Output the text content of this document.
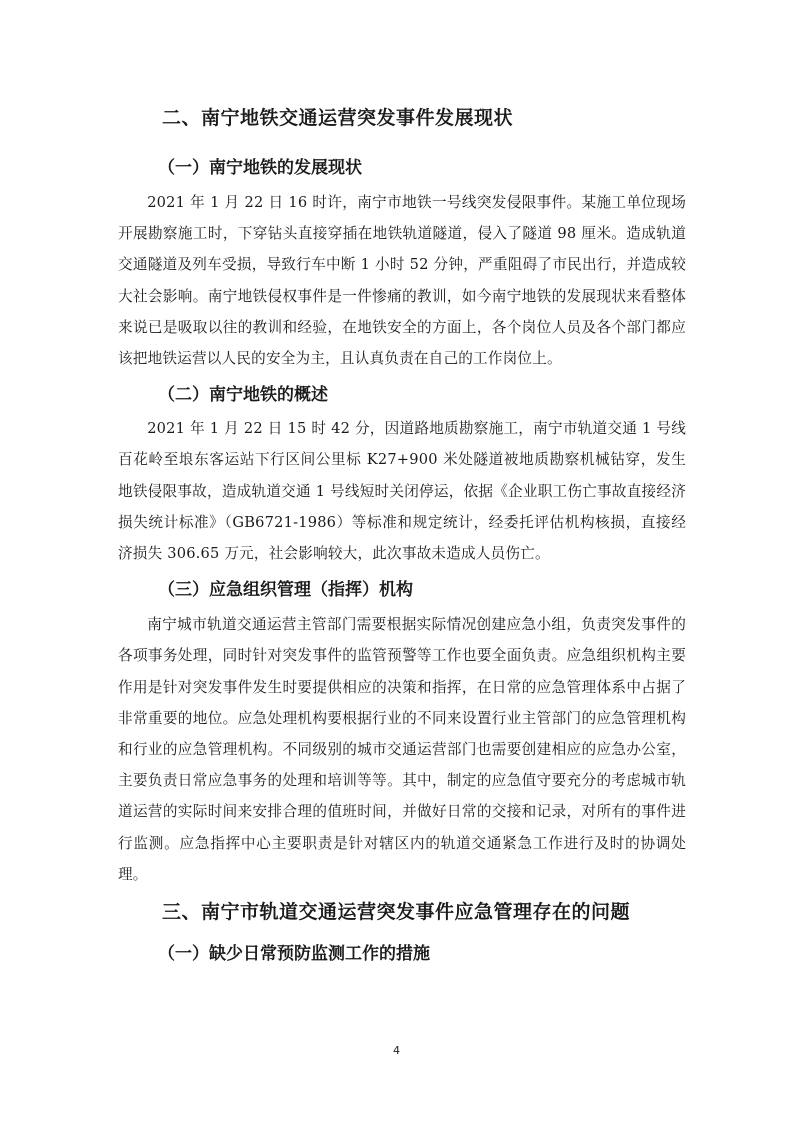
二、南宁地铁交通运营突发事件发展现状
（一）南宁地铁的发展现状

2021 年 1 月 22 日 16 时许，南宁市地铁一号线突发侵限事件。某施工单位现场开展勘察施工时，下穿钻头直接穿插在地铁轨道隧道，侵入了隧道 98 厘米。造成轨道交通隧道及列车受损，导致行车中断 1 小时 52 分钟，严重阻碍了市民出行，并造成较大社会影响。南宁地铁侵权事件是一件惨痛的教训，如今南宁地铁的发展现状来看整体来说已是吸取以往的教训和经验，在地铁安全的方面上，各个岗位人员及各个部门都应该把地铁运营以人民的安全为主，且认真负责在自己的工作岗位上。

（二）南宁地铁的概述

2021 年 1 月 22 日 15 时 42 分，因道路地质勘察施工，南宁市轨道交通 1 号线百花岭至埌东客运站下行区间公里标 K27+900 米处隧道被地质勘察机械钻穿，发生地铁侵限事故，造成轨道交通 1 号线短时关闭停运，依据《企业职工伤亡事故直接经济损失统计标准》（GB6721-1986）等标准和规定统计，经委托评估机构核损，直接经济损失 306.65 万元，社会影响较大，此次事故未造成人员伤亡。

（三）应急组织管理（指挥）机构

南宁城市轨道交通运营主管部门需要根据实际情况创建应急小组，负责突发事件的各项事务处理，同时针对突发事件的监管预警等工作也要全面负责。应急组织机构主要作用是针对突发事件发生时要提供相应的决策和指挥，在日常的应急管理体系中占据了非常重要的地位。应急处理机构要根据行业的不同来设置行业主管部门的应急管理机构和行业的应急管理机构。不同级别的城市交通运营部门也需要创建相应的应急办公室，主要负责日常应急事务的处理和培训等等。其中，制定的应急值守要充分的考虑城市轨道运营的实际时间来安排合理的值班时间，并做好日常的交接和记录，对所有的事件进行监测。应急指挥中心主要职责是针对辖区内的轨道交通紧急工作进行及时的协调处理。

三、南宁市轨道交通运营突发事件应急管理存在的问题
（一）缺少日常预防监测工作的措施
4
